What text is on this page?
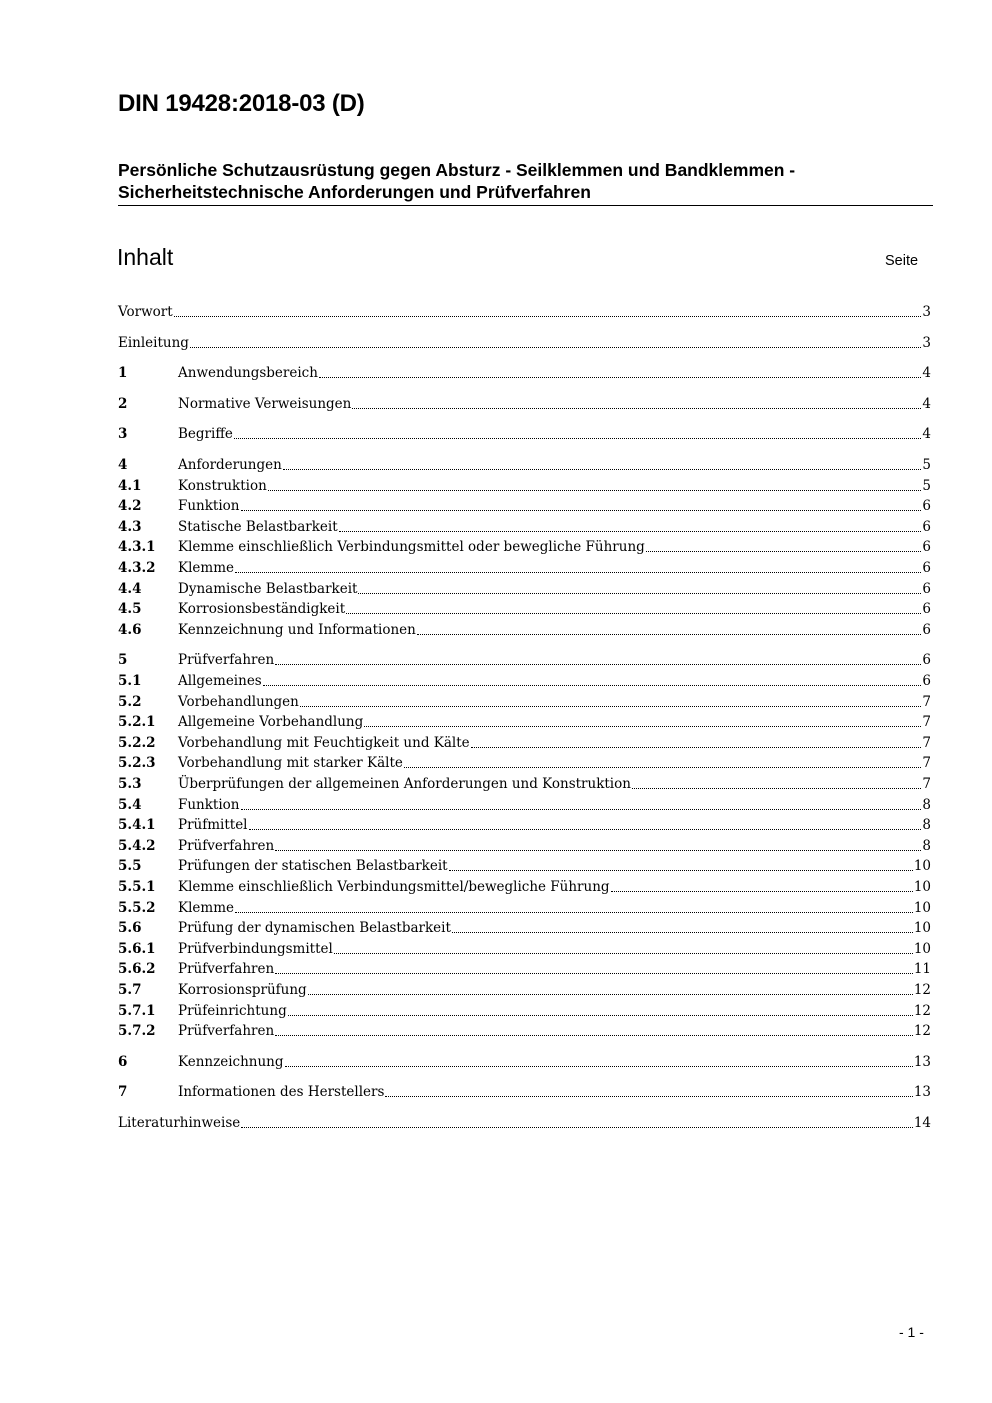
DIN 19428:2018-03 (D)
Persönliche Schutzausrüstung gegen Absturz - Seilklemmen und Bandklemmen -
Sicherheitstechnische Anforderungen und Prüfverfahren
Inhalt	Seite
Vorwort	3
Einleitung	3
1	Anwendungsbereich	4
2	Normative Verweisungen	4
3	Begriffe	4
4	Anforderungen	5
4.1	Konstruktion	5
4.2	Funktion	6
4.3	Statische Belastbarkeit	6
4.3.1	Klemme einschließlich Verbindungsmittel oder bewegliche Führung	6
4.3.2	Klemme	6
4.4	Dynamische Belastbarkeit	6
4.5	Korrosionsbeständigkeit	6
4.6	Kennzeichnung und Informationen	6
5	Prüfverfahren	6
5.1	Allgemeines	6
5.2	Vorbehandlungen	7
5.2.1	Allgemeine Vorbehandlung	7
5.2.2	Vorbehandlung mit Feuchtigkeit und Kälte	7
5.2.3	Vorbehandlung mit starker Kälte	7
5.3	Überprüfungen der allgemeinen Anforderungen und Konstruktion	7
5.4	Funktion	8
5.4.1	Prüfmittel	8
5.4.2	Prüfverfahren	8
5.5	Prüfungen der statischen Belastbarkeit	10
5.5.1	Klemme einschließlich Verbindungsmittel/bewegliche Führung	10
5.5.2	Klemme	10
5.6	Prüfung der dynamischen Belastbarkeit	10
5.6.1	Prüfverbindungsmittel	10
5.6.2	Prüfverfahren	11
5.7	Korrosionsprüfung	12
5.7.1	Prüfeinrichtung	12
5.7.2	Prüfverfahren	12
6	Kennzeichnung	13
7	Informationen des Herstellers	13
Literaturhinweise	14
- 1 -
